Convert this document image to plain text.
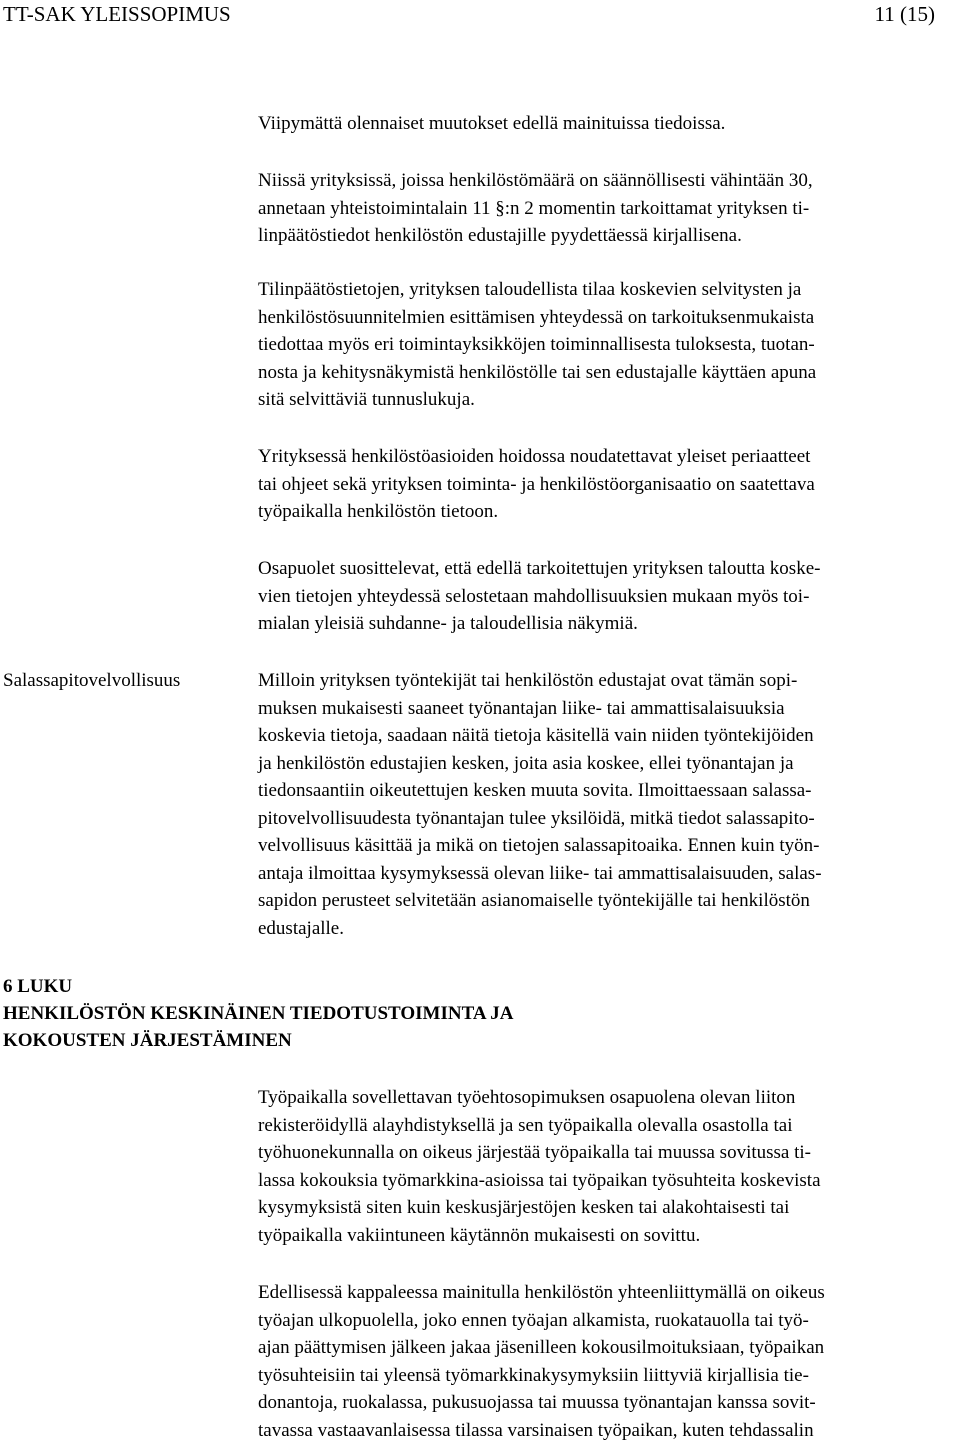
TT-SAK YLEISSOPIMUS	11 (15)
Viipymättä olennaiset muutokset edellä mainituissa tiedoissa.
Niissä yrityksissä, joissa henkilöstömäärä on säännöllisesti vähintään 30,
annetaan yhteistoimintalain 11 §:n 2 momentin tarkoittamat yrityksen ti-
linpäätöstiedot henkilöstön edustajille pyydettäessä kirjallisena.
Tilinpäätöstietojen, yrityksen taloudellista tilaa koskevien selvitysten ja
henkilöstösuunnitelmien esittämisen yhteydessä on tarkoituksenmukaista
tiedottaa myös eri toimintayksikköjen toiminnallisesta tuloksesta, tuotan-
nosta ja kehitysnäkymistä henkilöstölle tai sen edustajalle käyttäen apuna
sitä selvittäviä tunnuslukuja.
Yrityksessä henkilöstöasioiden hoidossa noudatettavat yleiset periaatteet
tai ohjeet sekä yrityksen toiminta- ja henkilöstöorganisaatio on saatettava
työpaikalla henkilöstön tietoon.
Osapuolet suosittelevat, että edellä tarkoitettujen yrityksen taloutta koske-
vien tietojen yhteydessä selostetaan mahdollisuuksien mukaan myös toi-
mialan yleisiä suhdanne- ja taloudellisia näkymiä.
Salassapitovelvollisuus	Milloin yrityksen työntekijät tai henkilöstön edustajat ovat tämän sopi-
muksen mukaisesti saaneet työnantajan liike- tai ammattisalaisuuksia
koskevia tietoja, saadaan näitä tietoja käsitellä vain niiden työntekijöiden
ja henkilöstön edustajien kesken, joita asia koskee, ellei työnantajan ja
tiedonsaantiin oikeutettujen kesken muuta sovita. Ilmoittaessaan salassa-
pitovelvollisuudesta työnantajan tulee yksilöidä, mitkä tiedot salassapito-
velvollisuus käsittää ja mikä on tietojen salassapitoaika. Ennen kuin työn-
antaja ilmoittaa kysymyksessä olevan liike- tai ammattisalaisuuden, salas-
sapidon perusteet selvitetään asianomaiselle työntekijälle tai henkilöstön
edustajalle.
6 LUKU
HENKILÖSTÖN KESKINÄINEN TIEDOTUSTOIMINTA JA
KOKOUSTEN JÄRJESTÄMINEN
Työpaikalla sovellettavan työehtosopimuksen osapuolena olevan liiton
rekisteröidyllä alayhdistyksellä ja sen työpaikalla olevalla osastolla tai
työhuonekunnalla on oikeus järjestää työpaikalla tai muussa sovitussa ti-
lassa kokouksia työmarkkina-asioissa tai työpaikan työsuhteita koskevista
kysymyksistä siten kuin keskusjärjestöjen kesken tai alakohtaisesti tai
työpaikalla vakiintuneen käytännön mukaisesti on sovittu.
Edellisessä kappaleessa mainitulla henkilöstön yhteenliittymällä on oikeus
työajan ulkopuolella, joko ennen työajan alkamista, ruokatauolla tai työ-
ajan päättymisen jälkeen jakaa jäsenilleen kokousilmoituksiaan, työpaikan
työsuhteisiin tai yleensä työmarkkinakysymyksiin liittyviä kirjallisia tie-
donantoja, ruokalassa, pukusuojassa tai muussa työnantajan kanssa sovit-
tavassa vastaavanlaisessa tilassa varsinaisen työpaikan, kuten tehdassalin
